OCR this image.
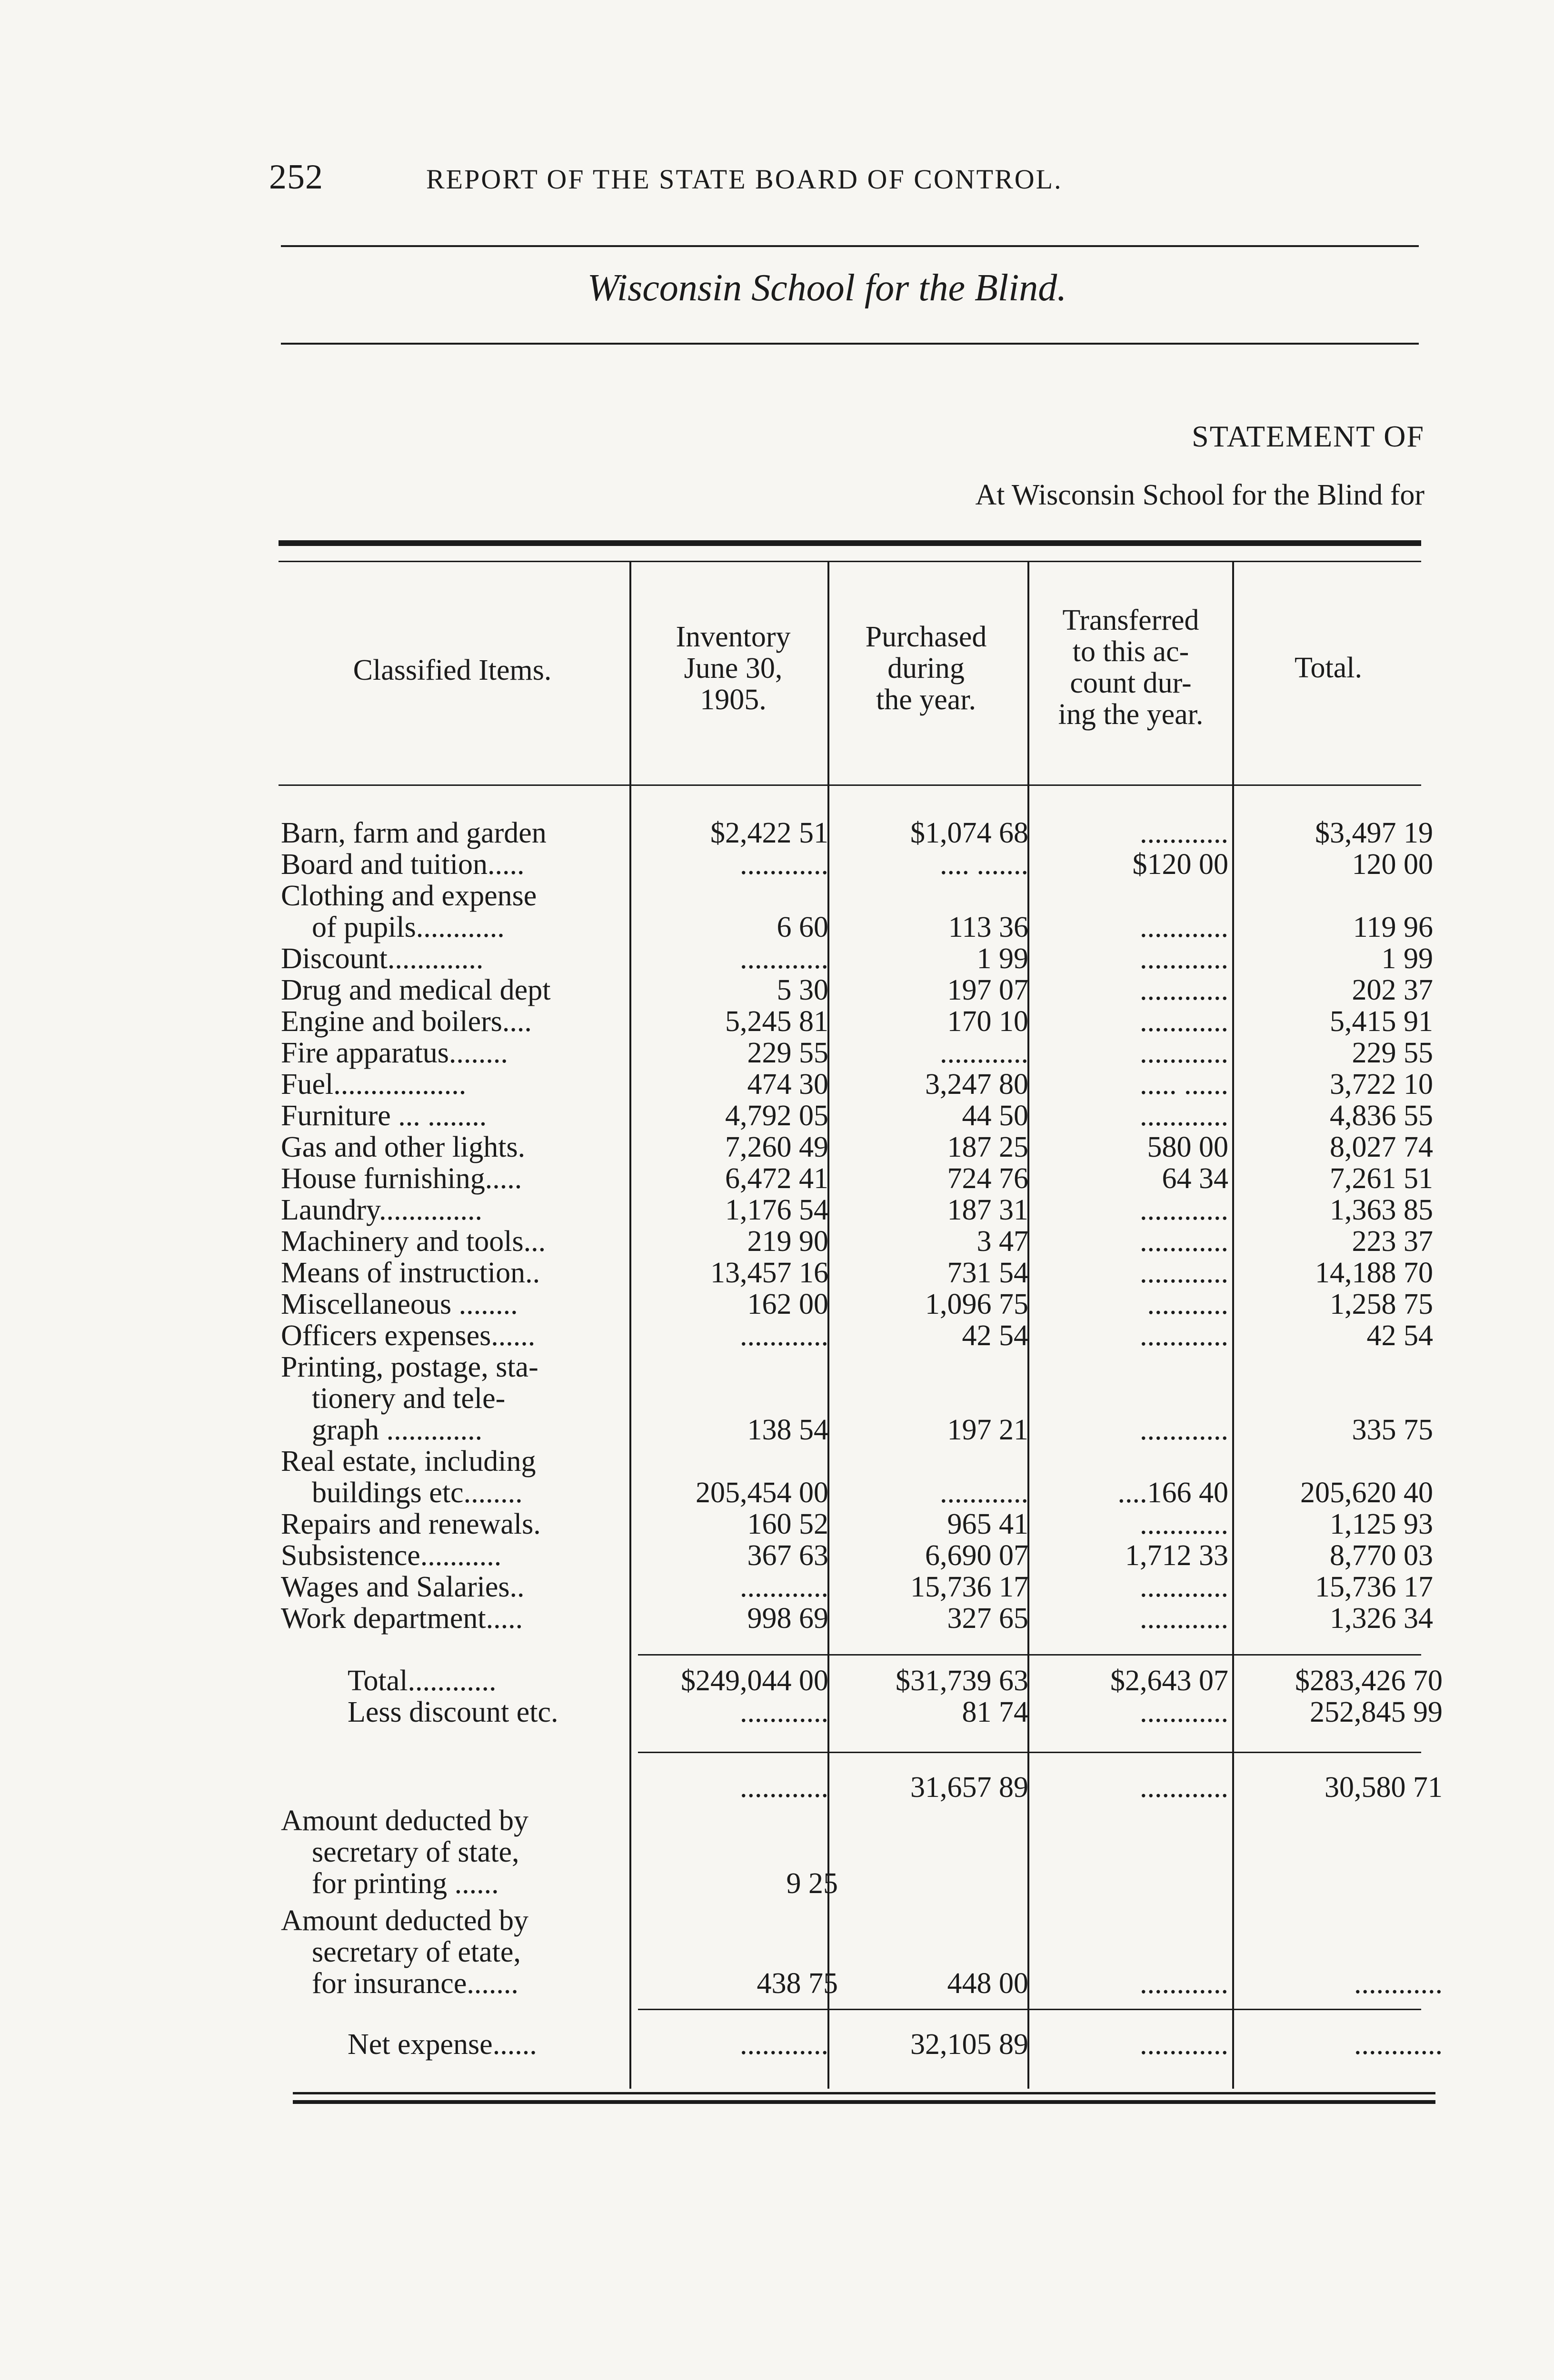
252	REPORT OF THE STATE BOARD OF CONTROL.
Wisconsin School for the Blind.
STATEMENT OF
At Wisconsin School for the Blind for
Classified Items.
Inventory
June 30,
1905.
Purchased
during
the year.
Transferred
to this ac-
count dur-
ing the year.
Total.
Barn, farm and garden	$2,422 51	$1,074 68	............	$3,497 19
Board and tuition.....	............	.... .......	$120 00	120 00
Clothing and expense
of pupils............	6 60	113 36	............	119 96
Discount.............	............	1 99	............	1 99
Drug and medical dept	5 30	197 07	............	202 37
Engine and boilers....	5,245 81	170 10	............	5,415 91
Fire apparatus........	229 55	............	............	229 55
Fuel..................	474 30	3,247 80	..... ......	3,722 10
Furniture ... ........	4,792 05	44 50	............	4,836 55
Gas and other lights.	7,260 49	187 25	580 00	8,027 74
House furnishing.....	6,472 41	724 76	64 34	7,261 51
Laundry..............	1,176 54	187 31	............	1,363 85
Machinery and tools...	219 90	3 47	............	223 37
Means of instruction..	13,457 16	731 54	............	14,188 70
Miscellaneous ........	162 00	1,096 75	...........	1,258 75
Officers expenses......	............	42 54	............	42 54
Printing, postage, sta-
tionery and tele-
graph .............	138 54	197 21	............	335 75
Real estate, including
buildings etc........	205,454 00	............	....166 40 205,620 40
Repairs and renewals.	160 52	965 41	............	1,125 93
Subsistence...........	367 63	6,690 07	1,712 33	8,770 03
Wages and Salaries..	............	15,736 17	............	15,736 17
Work department.....	998 69	327 65	............	1,326 34
Total............	$249,044 00 $31,739 63	$2,643 07 $283,426 70
Less discount etc.	............	81 74	............	252,845 99
............	31,657 89	............	30,580 71
Amount deducted by
secretary of state,
for printing ......	9 25
Amount deducted by
secretary of etate,
for insurance.......	438 75	448 00	............	............
Net expense......	............	32,105 89	............	............
